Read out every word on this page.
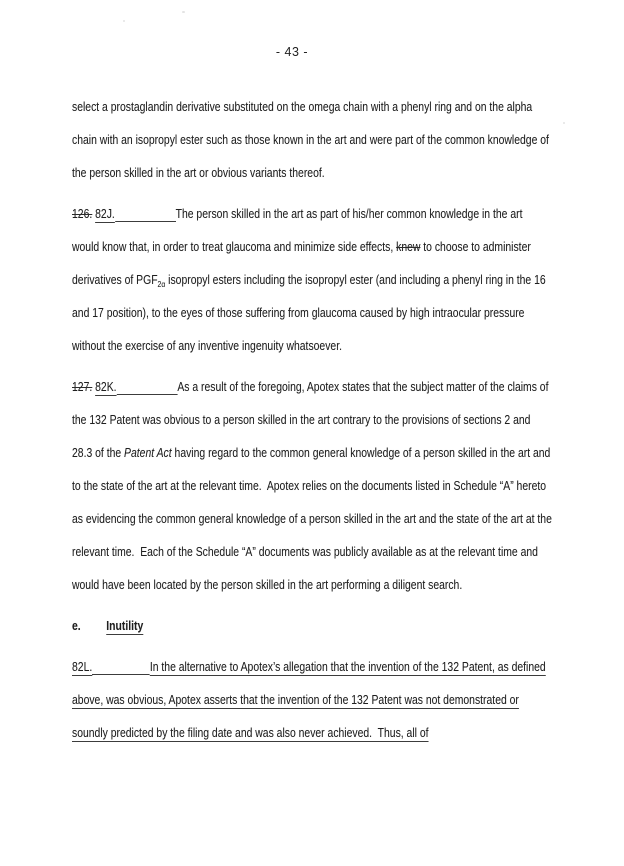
- 43 -

select a prostaglandin derivative substituted on the omega chain with a phenyl ring and on the alpha chain with an isopropyl ester such as those known in the art and were part of the common knowledge of the person skilled in the art or obvious variants thereof.

126. 82J.	The person skilled in the art as part of his/her common knowledge in the art would know that, in order to treat glaucoma and minimize side effects, knew to choose to administer derivatives of $PGF_{2\alpha}$ isopropyl esters including the isopropyl ester (and including a phenyl ring in the 16 and 17 position), to the eyes of those suffering from glaucoma caused by high intraocular pressure without the exercise of any inventive ingenuity whatsoever.

127. 82K.	As a result of the foregoing, Apotex states that the subject matter of the claims of the 132 Patent was obvious to a person skilled in the art contrary to the provisions of sections 2 and 28.3 of the Patent Act having regard to the common general knowledge of a person skilled in the art and to the state of the art at the relevant time.  Apotex relies on the documents listed in Schedule “A” hereto as evidencing the common general knowledge of a person skilled in the art and the state of the art at the relevant time.  Each of the Schedule “A” documents was publicly available as at the relevant time and would have been located by the person skilled in the art performing a diligent search.

e. Inutility

82L.	In the alternative to Apotex’s allegation that the invention of the 132 Patent, as defined above, was obvious, Apotex asserts that the invention of the 132 Patent was not demonstrated or soundly predicted by the filing date and was also never achieved.  Thus, all of
